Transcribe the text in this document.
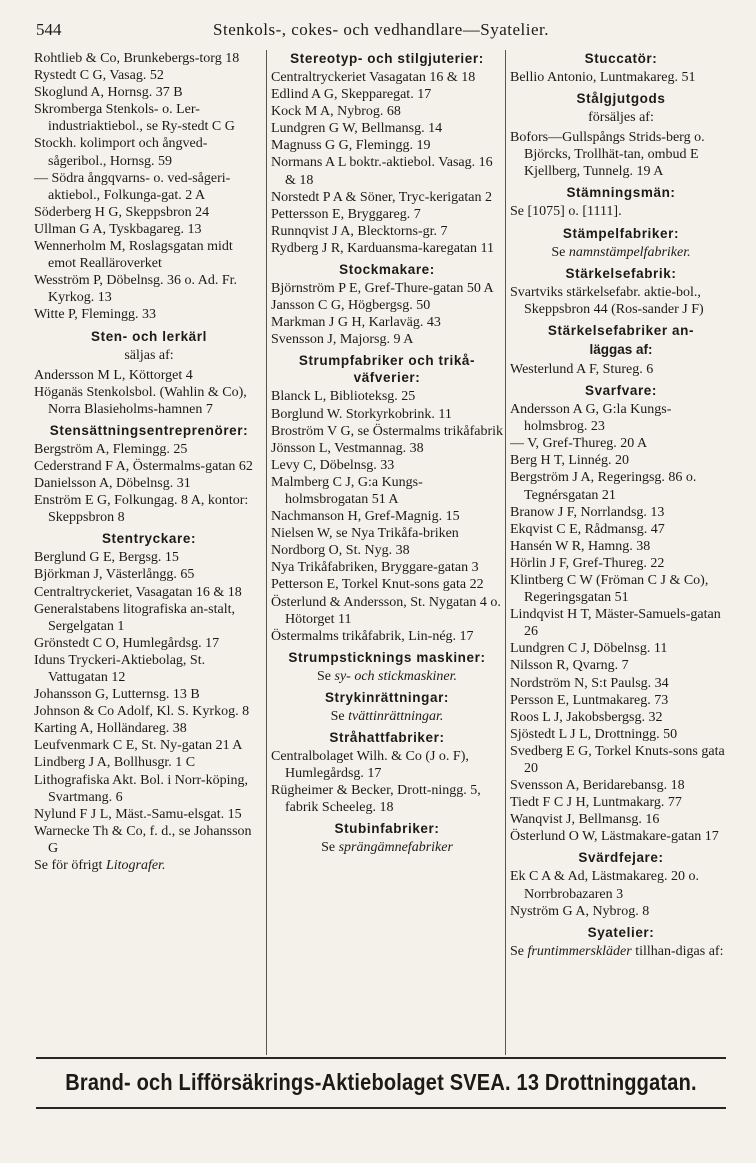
544	Stenkols-, cokes- och vedhandlare—Syatelier.

Rohtlieb & Co, Brunkebergs-torg 18

Rystedt C G, Vasag. 52

Skoglund A, Hornsg. 37 B

Skromberga Stenkols- o. Ler-industriaktiebol., se Ry-stedt C G

Stockh. kolimport och ångved-sågeribol., Hornsg. 59

— Södra ångqvarns- o. ved-sågeri-aktiebol., Folkunga-gat. 2 A

Söderberg H G, Skeppsbron 24

Ullman G A, Tyskbagareg. 13

Wennerholm M, Roslagsgatan midt emot Realläroverket

Wesström P, Döbelnsg. 36 o. Ad. Fr. Kyrkog. 13

Witte P, Flemingg. 33

Sten- och lerkärl
säljas af:

Andersson M L, Köttorget 4

Höganäs Stenkolsbol. (Wahlin & Co), Norra Blasieholms-hamnen 7

Stensättningsentreprenörer:

Bergström A, Flemingg. 25

Cederstrand F A, Östermalms-gatan 62

Danielsson A, Döbelnsg. 31

Enström E G, Folkungag. 8 A, kontor: Skeppsbron 8

Stentryckare:

Berglund G E, Bergsg. 15

Björkman J, Västerlångg. 65

Centraltryckeriet, Vasagatan 16 & 18

Generalstabens litografiska an-stalt, Sergelgatan 1

Grönstedt C O, Humlegårdsg. 17

Iduns Tryckeri-Aktiebolag, St. Vattugatan 12

Johansson G, Lutternsg. 13 B

Johnson & Co Adolf, Kl. S. Kyrkog. 8

Karting A, Holländareg. 38

Leufvenmark C E, St. Ny-gatan 21 A

Lindberg J A, Bollhusgr. 1 C

Lithografiska Akt. Bol. i Norr-köping, Svartmang. 6

Nylund F J L, Mäst.-Samu-elsgat. 15

Warnecke Th & Co, f. d., se Johansson G

Se för öfrigt Litografer.

Stereotyp- och stilgjuterier:

Centraltryckeriet Vasagatan 16 & 18

Edlind A G, Skepparegat. 17

Kock M A, Nybrog. 68

Lundgren G W, Bellmansg. 14

Magnuss G G, Flemingg. 19

Normans A L boktr.-aktiebol. Vasag. 16 & 18

Norstedt P A & Söner, Tryc-kerigatan 2

Pettersson E, Bryggareg. 7

Runnqvist J A, Blecktorns-gr. 7

Rydberg J R, Karduansma-karegatan 11

Stockmakare:

Björnström P E, Gref-Thure-gatan 50 A

Jansson C G, Högbergsg. 50

Markman J G H, Karlaväg. 43

Svensson J, Majorsg. 9 A

Strumpfabriker och trikå-väfverier:

Blanck L, Biblioteksg. 25

Borglund W. Storkyrkobrink. 11

Broström V G, se Östermalms trikåfabrik

Jönsson L, Vestmannag. 38

Levy C, Döbelnsg. 33

Malmberg C J, G:a Kungs-holmsbrogatan 51 A

Nachmanson H, Gref-Magnig. 15

Nielsen W, se Nya Trikåfa-briken

Nordborg O, St. Nyg. 38

Nya Trikåfabriken, Bryggare-gatan 3

Petterson E, Torkel Knut-sons gata 22

Österlund & Andersson, St. Nygatan 4 o. Hötorget 11

Östermalms trikåfabrik, Lin-nég. 17

Strumpsticknings maskiner:
Se sy- och stickmaskiner.
Strykinrättningar:
Se tvättinrättningar.
Stråhattfabriker:

Centralbolaget Wilh. & Co (J o. F), Humlegårdsg. 17

Rügheimer & Becker, Drott-ningg. 5, fabrik Scheeleg. 18

Stubinfabriker:
Se sprängämnefabriker
Stuccatör:

Bellio Antonio, Luntmakareg. 51

Stålgjutgods
försäljes af:

Bofors—Gullspångs Strids-berg o. Björcks, Trollhät-tan, ombud E Kjellberg, Tunnelg. 19 A

Stämningsmän:

Se [1075] o. [1111].

Stämpelfabriker:
Se namnstämpelfabriker.
Stärkelsefabrik:

Svartviks stärkelsefabr. aktie-bol., Skeppsbron 44 (Ros-sander J F)

Stärkelsefabriker an-
läggas af:

Westerlund A F, Stureg. 6

Svarfvare:

Andersson A G, G:la Kungs-holmsbrog. 23

— V, Gref-Thureg. 20 A

Berg H T, Linnég. 20

Bergström J A, Regeringsg. 86 o. Tegnérsgatan 21

Branow J F, Norrlandsg. 13

Ekqvist C E, Rådmansg. 47

Hansén W R, Hamng. 38

Hörlin J F, Gref-Thureg. 22

Klintberg C W (Fröman C J & Co), Regeringsgatan 51

Lindqvist H T, Mäster-Samuels-gatan 26

Lundgren C J, Döbelnsg. 11

Nilsson R, Qvarng. 7

Nordström N, S:t Paulsg. 34

Persson E, Luntmakareg. 73

Roos L J, Jakobsbergsg. 32

Sjöstedt L J L, Drottningg. 50

Svedberg E G, Torkel Knuts-sons gata 20

Svensson A, Beridarebansg. 18

Tiedt F C J H, Luntmakarg. 77

Wanqvist J, Bellmansg. 16

Österlund O W, Lästmakare-gatan 17

Svärdfejare:

Ek C A & Ad, Lästmakareg. 20 o. Norrbrobazaren 3

Nyström G A, Nybrog. 8

Syatelier:

Se fruntimmerskläder tillhan-digas af:

Brand- och Lifförsäkrings-Aktiebolaget SVEA. 13 Drottninggatan.
